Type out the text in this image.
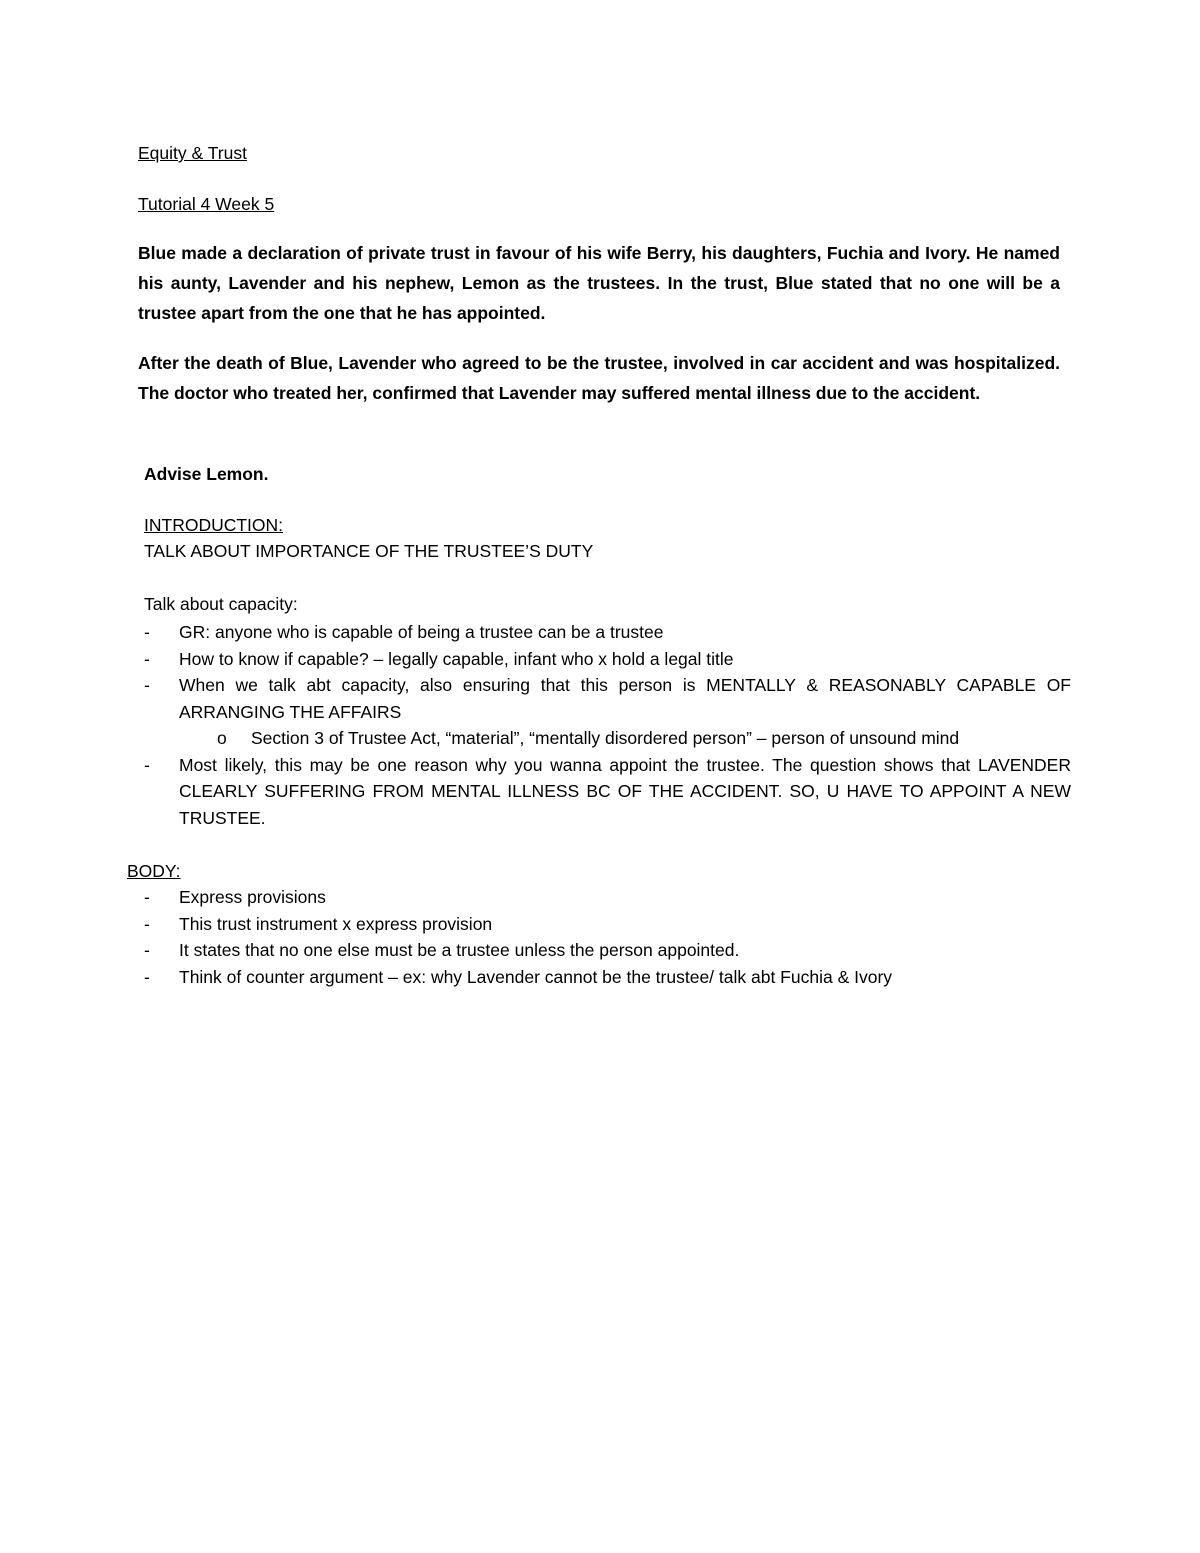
Equity & Trust
Tutorial 4 Week 5
Blue made a declaration of private trust in favour of his wife Berry, his daughters, Fuchia and Ivory. He named his aunty, Lavender and his nephew, Lemon as the trustees. In the trust, Blue stated that no one will be a trustee apart from the one that he has appointed.
After the death of Blue, Lavender who agreed to be the trustee, involved in car accident and was hospitalized. The doctor who treated her, confirmed that Lavender may suffered mental illness due to the accident.
Advise Lemon.
INTRODUCTION:
TALK ABOUT IMPORTANCE OF THE TRUSTEE’S DUTY
Talk about capacity:
- GR: anyone who is capable of being a trustee can be a trustee
- How to know if capable? – legally capable, infant who x hold a legal title
- When we talk abt capacity, also ensuring that this person is MENTALLY & REASONABLY CAPABLE OF ARRANGING THE AFFAIRS
o Section 3 of Trustee Act, “material”, “mentally disordered person” – person of unsound mind
- Most likely, this may be one reason why you wanna appoint the trustee. The question shows that LAVENDER CLEARLY SUFFERING FROM MENTAL ILLNESS BC OF THE ACCIDENT. SO, U HAVE TO APPOINT A NEW TRUSTEE.
BODY:
- Express provisions
- This trust instrument x express provision
- It states that no one else must be a trustee unless the person appointed.
- Think of counter argument – ex: why Lavender cannot be the trustee/ talk abt Fuchia & Ivory
